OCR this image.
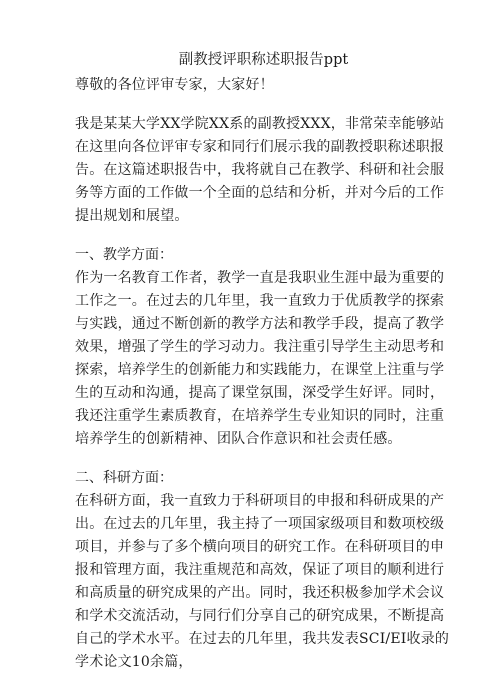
副教授评职称述职报告ppt

尊敬的各位评审专家，大家好！

我是某某大学XX学院XX系的副教授XXX，非常荣幸能够站在这里向各位评审专家和同行们展示我的副教授职称述职报告。在这篇述职报告中，我将就自己在教学、科研和社会服务等方面的工作做一个全面的总结和分析，并对今后的工作提出规划和展望。

一、教学方面：

作为一名教育工作者，教学一直是我职业生涯中最为重要的工作之一。在过去的几年里，我一直致力于优质教学的探索与实践，通过不断创新的教学方法和教学手段，提高了教学效果，增强了学生的学习动力。我注重引导学生主动思考和探索，培养学生的创新能力和实践能力，在课堂上注重与学生的互动和沟通，提高了课堂氛围，深受学生好评。同时，我还注重学生素质教育，在培养学生专业知识的同时，注重培养学生的创新精神、团队合作意识和社会责任感。

二、科研方面：

在科研方面，我一直致力于科研项目的申报和科研成果的产出。在过去的几年里，我主持了一项国家级项目和数项校级项目，并参与了多个横向项目的研究工作。在科研项目的申报和管理方面，我注重规范和高效，保证了项目的顺利进行和高质量的研究成果的产出。同时，我还积极参加学术会议和学术交流活动，与同行们分享自己的研究成果，不断提高自己的学术水平。在过去的几年里，我共发表SCI/EI收录的学术论文10余篇，
